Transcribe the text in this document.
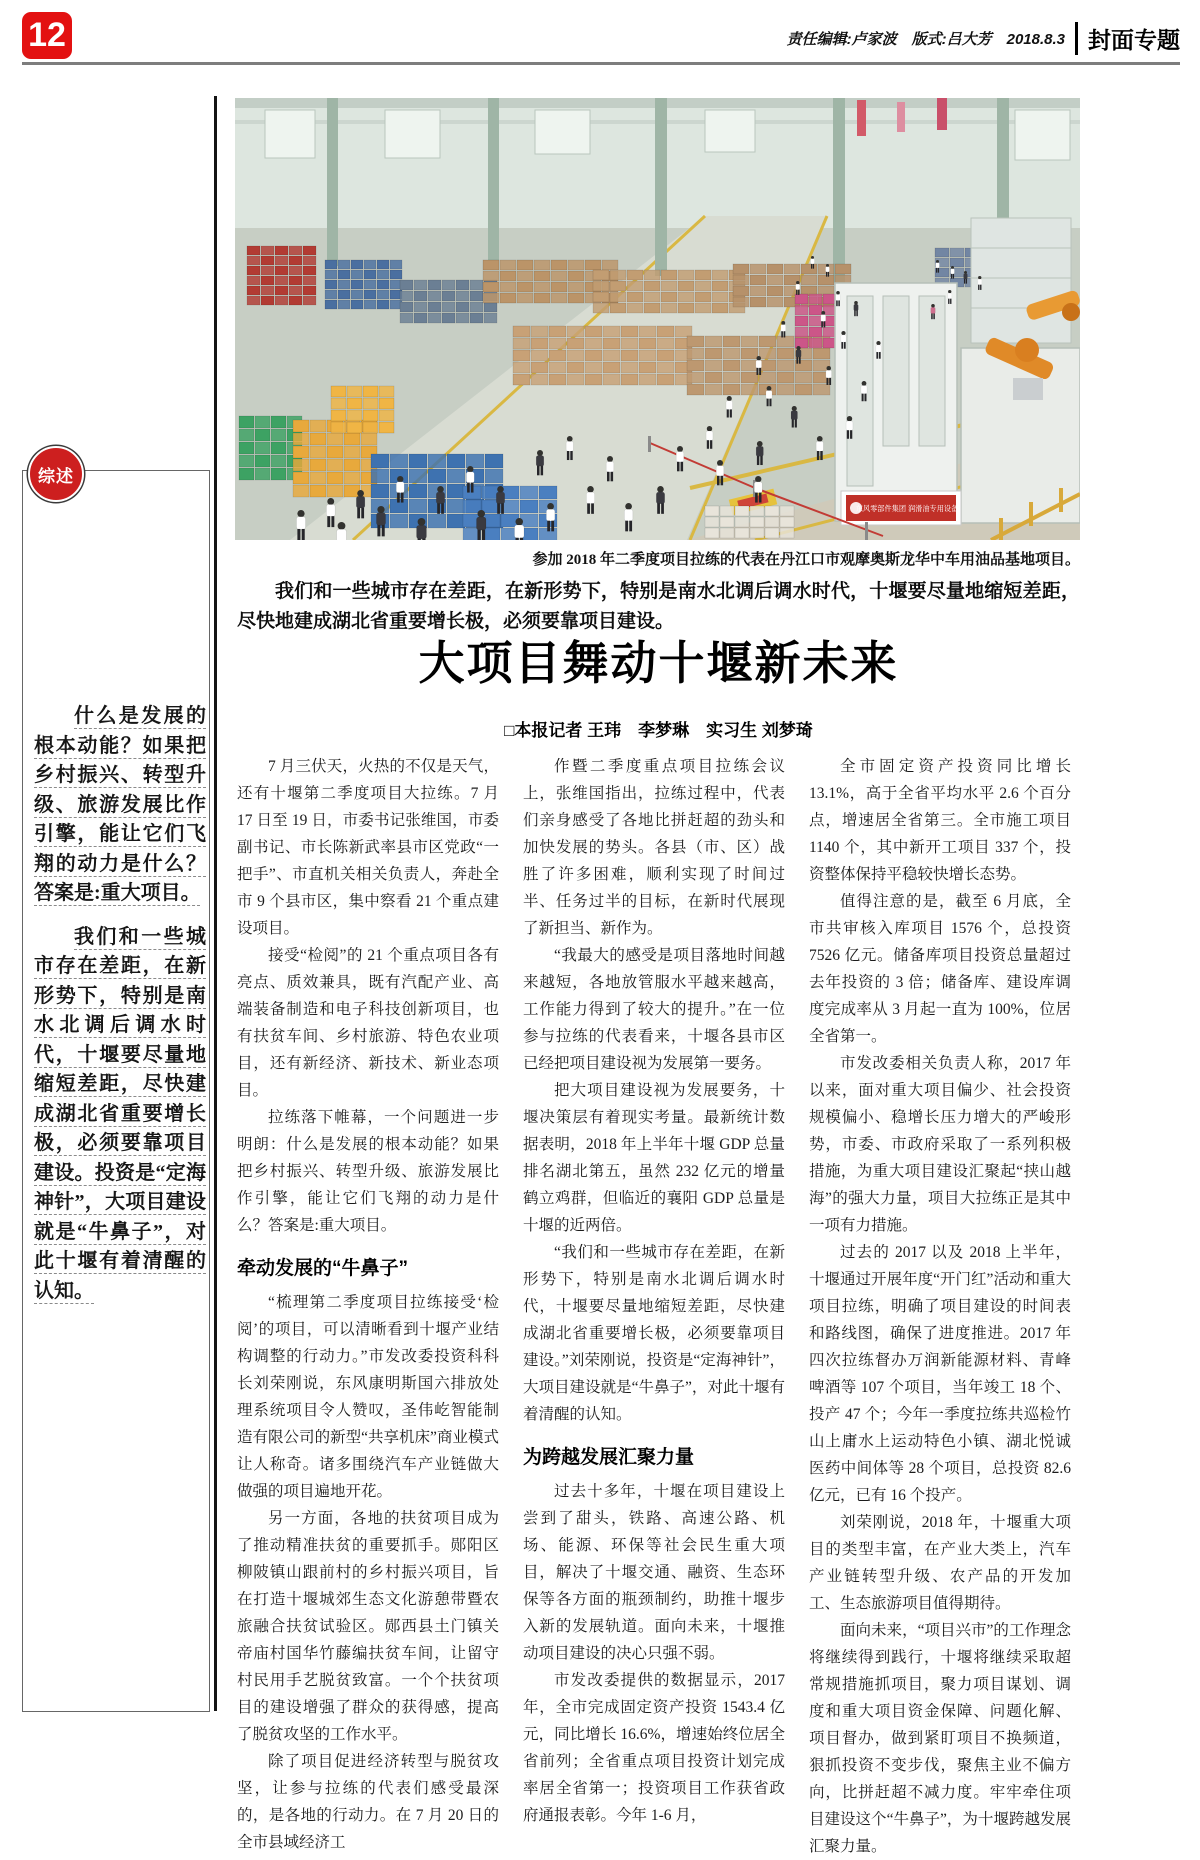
12	责任编辑:卢家波　版式:吕大芳　2018.8.3	封面专题
综述

什么是发展的根本动能？如果把乡村振兴、转型升级、旅游发展比作引擎，能让它们飞翔的动力是什么？答案是:重大项目。

我们和一些城市存在差距，在新形势下，特别是南水北调后调水时代，十堰要尽量地缩短差距，尽快建成湖北省重要增长极，必须要靠项目建设。投资是“定海神针”，大项目建设就是“牛鼻子”，对此十堰有着清醒的认知。

东风零部件集团 润滑油专用设备
参加 2018 年二季度项目拉练的代表在丹江口市观摩奥斯龙华中车用油品基地项目。
我们和一些城市存在差距，在新形势下，特别是南水北调后调水时代，十堰要尽量地缩短差距，尽快地建成湖北省重要增长极，必须要靠项目建设。
大项目舞动十堰新未来
□本报记者 王玮　李梦琳　实习生 刘梦琦

7 月三伏天，火热的不仅是天气，还有十堰第二季度项目大拉练。7 月 17 日至 19 日，市委书记张维国，市委副书记、市长陈新武率县市区党政“一把手”、市直机关相关负责人，奔赴全市 9 个县市区，集中察看 21 个重点建设项目。

接受“检阅”的 21 个重点项目各有亮点、质效兼具，既有汽配产业、高端装备制造和电子科技创新项目，也有扶贫车间、乡村旅游、特色农业项目，还有新经济、新技术、新业态项目。

拉练落下帷幕，一个问题进一步明朗：什么是发展的根本动能？如果把乡村振兴、转型升级、旅游发展比作引擎，能让它们飞翔的动力是什么？答案是:重大项目。

牵动发展的“牛鼻子”

“梳理第二季度项目拉练接受‘检阅’的项目，可以清晰看到十堰产业结构调整的行动力。”市发改委投资科科长刘荣刚说，东风康明斯国六排放处理系统项目令人赞叹，圣伟屹智能制造有限公司的新型“共享机床”商业模式让人称奇。诸多围绕汽车产业链做大做强的项目遍地开花。

另一方面，各地的扶贫项目成为了推动精准扶贫的重要抓手。郧阳区柳陂镇山跟前村的乡村振兴项目，旨在打造十堰城郊生态文化游憩带暨农旅融合扶贫试验区。郧西县土门镇关帝庙村国华竹藤编扶贫车间，让留守村民用手艺脱贫致富。一个个扶贫项目的建设增强了群众的获得感，提高了脱贫攻坚的工作水平。

除了项目促进经济转型与脱贫攻坚，让参与拉练的代表们感受最深的，是各地的行动力。在 7 月 20 日的全市县域经济工

作暨二季度重点项目拉练会议上，张维国指出，拉练过程中，代表们亲身感受了各地比拼赶超的劲头和加快发展的势头。各县（市、区）战胜了许多困难，顺利实现了时间过半、任务过半的目标，在新时代展现了新担当、新作为。

“我最大的感受是项目落地时间越来越短，各地放管服水平越来越高，工作能力得到了较大的提升。”在一位参与拉练的代表看来，十堰各县市区已经把项目建设视为发展第一要务。

把大项目建设视为发展要务，十堰决策层有着现实考量。最新统计数据表明，2018 年上半年十堰 GDP 总量排名湖北第五，虽然 232 亿元的增量鹤立鸡群，但临近的襄阳 GDP 总量是十堰的近两倍。

“我们和一些城市存在差距，在新形势下，特别是南水北调后调水时代，十堰要尽量地缩短差距，尽快建成湖北省重要增长极，必须要靠项目建设。”刘荣刚说，投资是“定海神针”，大项目建设就是“牛鼻子”，对此十堰有着清醒的认知。

为跨越发展汇聚力量

过去十多年，十堰在项目建设上尝到了甜头，铁路、高速公路、机场、能源、环保等社会民生重大项目，解决了十堰交通、融资、生态环保等各方面的瓶颈制约，助推十堰步入新的发展轨道。面向未来，十堰推动项目建设的决心只强不弱。

市发改委提供的数据显示，2017 年，全市完成固定资产投资 1543.4 亿元，同比增长 16.6%，增速始终位居全省前列；全省重点项目投资计划完成率居全省第一；投资项目工作获省政府通报表彰。今年 1-6 月，

全市固定资产投资同比增长 13.1%，高于全省平均水平 2.6 个百分点，增速居全省第三。全市施工项目 1140 个，其中新开工项目 337 个，投资整体保持平稳较快增长态势。

值得注意的是，截至 6 月底，全市共审核入库项目 1576 个，总投资 7526 亿元。储备库项目投资总量超过去年投资的 3 倍；储备库、建设库调度完成率从 3 月起一直为 100%，位居全省第一。

市发改委相关负责人称，2017 年以来，面对重大项目偏少、社会投资规模偏小、稳增长压力增大的严峻形势，市委、市政府采取了一系列积极措施，为重大项目建设汇聚起“挟山越海”的强大力量，项目大拉练正是其中一项有力措施。

过去的 2017 以及 2018 上半年，十堰通过开展年度“开门红”活动和重大项目拉练，明确了项目建设的时间表和路线图，确保了进度推进。2017 年四次拉练督办万润新能源材料、青峰啤酒等 107 个项目，当年竣工 18 个、投产 47 个；今年一季度拉练共巡检竹山上庸水上运动特色小镇、湖北悦诚医药中间体等 28 个项目，总投资 82.6 亿元，已有 16 个投产。

刘荣刚说，2018 年，十堰重大项目的类型丰富，在产业大类上，汽车产业链转型升级、农产品的开发加工、生态旅游项目值得期待。

面向未来，“项目兴市”的工作理念将继续得到践行，十堰将继续采取超常规措施抓项目，聚力项目谋划、调度和重大项目资金保障、问题化解、项目督办，做到紧盯项目不换频道，狠抓投资不变步伐，聚焦主业不偏方向，比拼赶超不减力度。牢牢牵住项目建设这个“牛鼻子”，为十堰跨越发展汇聚力量。
